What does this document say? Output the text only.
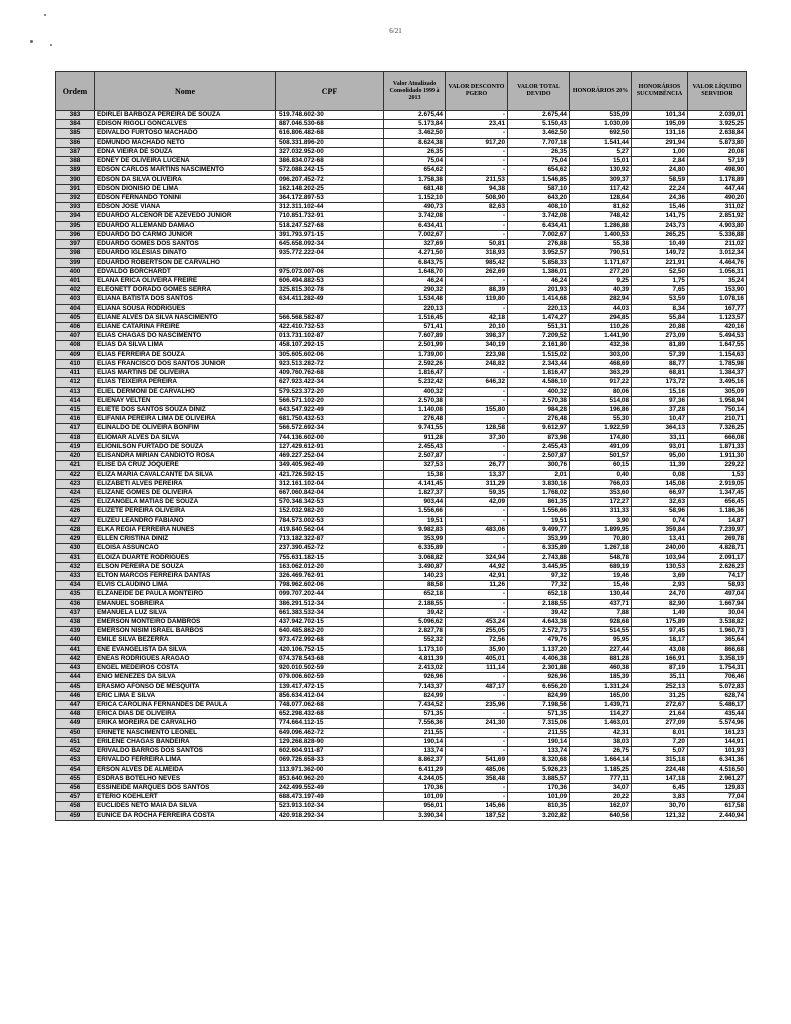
6/21
Ordem	Nome	CPF	Valor Atualizado Consolidado 1999 à 2013	VALOR DESCONTO PGERO	VALOR TOTAL DEVIDO	HONORÁRIOS 20%	HONORÁRIOS SUCUMBÊNCIA	VALOR LÍQUIDO SERVIDOR
383	EDIRLEI BARBOZA PEREIRA DE SOUZA	519.748.602-30	2.675,44	-	2.675,44	535,09	101,34	2.039,01
384	EDISON RIGOLI GONCALVES	887.046.530-68	5.173,84	23,41	5.150,43	1.030,09	195,09	3.925,25
385	EDIVALDO FURTOSO MACHADO	616.806.482-68	3.462,50	-	3.462,50	692,50	131,16	2.638,84
386	EDMUNDO MACHADO NETO	508.331.896-20	8.624,38	917,20	7.707,18	1.541,44	291,94	5.873,80
387	EDNA VIEIRA DE SOUZA	327.032.952-00	26,35	-	26,35	5,27	1,00	20,08
388	EDNEY DE OLIVEIRA LUCENA	386.834.072-68	75,04	-	75,04	15,01	2,84	57,19
389	EDSON CARLOS MARTINS NASCIMENTO	572.088.242-15	654,62	-	654,62	130,92	24,80	498,90
390	EDSON DA SILVA OLIVEIRA	096.207.452-72	1.758,38	211,53	1.546,85	309,37	58,59	1.178,89
391	EDSON DIONISIO DE LIMA	162.148.202-25	681,48	94,38	587,10	117,42	22,24	447,44
392	EDSON FERNANDO TONINI	364.172.897-53	1.152,10	508,90	643,20	128,64	24,36	490,20
393	EDSON JOSE VIANA	312.311.102-44	490,73	82,63	408,10	81,62	15,46	311,02
394	EDUARDO ALCENOR DE AZEVEDO JUNIOR	710.851.732-91	3.742,08	-	3.742,08	748,42	141,75	2.851,92
395	EDUARDO ALLEMAND DAMIAO	518.247.527-68	6.434,41	-	6.434,41	1.286,88	243,73	4.903,80
396	EDUARDO DO CARMO JUNIOR	391.793.971-15	7.002,67	-	7.002,67	1.400,53	265,25	5.336,88
397	EDUARDO GOMES DOS SANTOS	645.658.092-34	327,69	50,81	276,88	55,38	10,49	211,02
398	EDUARDO IGLESIAS DINATO	935.772.222-04	4.271,50	318,93	3.952,57	790,51	149,72	3.012,34
399	EDUARDO ROBERTSON DE CARVALHO		6.843,75	985,42	5.858,33	1.171,67	221,91	4.464,76
400	EDVALDO BORCHARDT	975.073.007-06	1.648,70	262,69	1.386,01	277,20	52,50	1.056,31
401	ELANA ERICA OLIVEIRA FREIRE	606.494.882-53	46,24	-	46,24	9,25	1,75	35,24
402	ELEONETT DORADO GOMES SERRA	325.815.302-78	290,32	88,39	201,93	40,39	7,65	153,90
403	ELIANA BATISTA DOS SANTOS	634.411.282-49	1.534,48	119,80	1.414,68	282,94	53,59	1.078,16
404	ELIANA SOUSA RODRIGUES		220,13	-	220,13	44,03	8,34	167,77
405	ELIANE ALVES DA SILVA NASCIMENTO	566.568.582-87	1.516,45	42,18	1.474,27	294,85	55,84	1.123,57
406	ELIANE CATARINA FREIRE	422.410.732-53	571,41	20,10	551,31	110,26	20,88	420,16
407	ELIAS CHAGAS DO NASCIMENTO	013.731.102-87	7.607,89	398,37	7.209,52	1.441,90	273,09	5.494,53
408	ELIAS DA SILVA LIMA	458.107.292-15	2.501,99	340,19	2.161,80	432,36	81,89	1.647,55
409	ELIAS FERREIRA DE SOUZA	305.605.602-06	1.739,00	223,98	1.515,02	303,00	57,39	1.154,63
410	ELIAS FRANCISCO DOS SANTOS JUNIOR	923.513.282-72	2.592,26	248,82	2.343,44	468,69	88,77	1.785,98
411	ELIAS MARTINS DE OLIVEIRA	409.760.762-68	1.816,47	-	1.816,47	363,29	68,81	1.384,37
412	ELIAS TEIXEIRA PEREIRA	627.923.422-34	5.232,42	646,32	4.586,10	917,22	173,72	3.495,16
413	ELIEL DERMONI DE CARVALHO	579.523.372-20	400,32	-	400,32	80,06	15,16	305,09
414	ELIENAY VELTEN	566.571.102-20	2.570,38	-	2.570,38	514,08	97,36	1.958,94
415	ELIETE DOS SANTOS SOUZA DINIZ	643.547.922-49	1.140,08	155,80	984,28	196,86	37,28	750,14
416	ELIFANIA PEREIRA LIMA DE OLIVEIRA	681.750.432-53	276,48	-	276,48	55,30	10,47	210,71
417	ELINALDO DE OLIVEIRA BONFIM	566.572.692-34	9.741,55	128,58	9.612,97	1.922,59	364,13	7.326,25
418	ELIOMAR ALVES DA SILVA	744.136.602-00	911,28	37,30	873,98	174,80	33,11	666,08
419	ELIONILSON FURTADO DE SOUZA	127.429.612-91	2.455,43	-	2.455,43	491,09	93,01	1.871,33
420	ELISANDRA MIRIAN CANDIOTO ROSA	469.227.252-04	2.507,87	-	2.507,87	501,57	95,00	1.911,30
421	ELISE DA CRUZ JOQUERE	349.405.962-49	327,53	26,77	300,76	60,15	11,39	229,22
422	ELIZA MARIA CAVALCANTE DA SILVA	421.726.592-15	15,38	13,37	2,01	0,40	0,08	1,53
423	ELIZABETI ALVES PEREIRA	312.161.102-04	4.141,45	311,29	3.830,16	766,03	145,08	2.919,05
424	ELIZANE GOMES DE OLIVEIRA	667.060.842-04	1.827,37	59,35	1.768,02	353,60	66,97	1.347,45
425	ELIZANGELA MATIAS DE SOUZA	570.348.342-53	903,44	42,09	861,35	172,27	32,63	656,45
426	ELIZETE PEREIRA OLIVEIRA	152.032.982-20	1.556,66	-	1.556,66	311,33	58,96	1.186,36
427	ELIZEU LEANDRO FABIANO	784.573.002-53	19,51	-	19,51	3,90	0,74	14,87
428	ELKA REGIA FERREIRA NUNES	419.840.562-04	9.982,83	483,06	9.499,77	1.899,95	359,84	7.239,97
429	ELLEN CRISTINA DINIZ	713.182.322-87	353,99	-	353,99	70,80	13,41	269,78
430	ELOISA ASSUNCAO	237.390.452-72	6.335,89	-	6.335,89	1.267,18	240,00	4.828,71
431	ELOIZA DUARTE RODRIGUES	755.631.182-15	3.068,82	324,94	2.743,88	548,78	103,94	2.091,17
432	ELSON PEREIRA DE SOUZA	163.062.012-20	3.490,87	44,92	3.445,95	689,19	130,53	2.626,23
433	ELTON MARCOS FERREIRA DANTAS	326.469.762-91	140,23	42,91	97,32	19,46	3,69	74,17
434	ELVIS CLAUDINO LIMA	798.962.602-06	88,58	11,26	77,32	15,46	2,93	58,93
435	ELZANEIDE DE PAULA MONTEIRO	099.707.202-44	652,18	-	652,18	130,44	24,70	497,04
436	EMANUEL SOBREIRA	386.291.512-34	2.188,55	-	2.188,55	437,71	82,90	1.667,94
437	EMANUELA LUZ SILVA	661.383.532-34	39,42	-	39,42	7,88	1,49	30,04
438	EMERSON MONTEIRO DAMBROS	437.942.702-15	5.096,62	453,24	4.643,38	928,68	175,89	3.538,82
439	EMERSON NISIM ISRAEL BARBOS	640.485.862-20	2.827,78	255,05	2.572,73	514,55	97,45	1.960,73
440	EMILE SILVA BEZERRA	973.472.992-68	552,32	72,56	479,76	95,95	18,17	365,64
441	ENE EVANGELISTA DA SILVA	420.106.752-15	1.173,10	35,90	1.137,20	227,44	43,08	866,68
442	ENEAS RODRIGUES ARAGAO	074.378.543-68	4.811,39	405,01	4.406,38	881,28	166,91	3.358,19
443	ENGEL MEDEIROS COSTA	920.010.502-59	2.413,02	111,14	2.301,88	460,38	87,19	1.754,31
444	ENIO MENEZES DA SILVA	079.006.602-59	926,96	-	926,96	185,39	35,11	706,46
445	ERASMO AFONSO DE MESQUITA	139.417.472-15	7.143,37	487,17	6.656,20	1.331,24	252,13	5.072,83
446	ERIC LIMA E SILVA	856.634.412-04	824,99	-	824,99	165,00	31,25	628,74
447	ERICA CAROLINA FERNANDES DE PAULA	748.077.062-68	7.434,52	235,96	7.198,56	1.439,71	272,67	5.486,17
448	ERICA DIAS DE OLIVEIRA	652.298.432-68	571,35	-	571,35	114,27	21,64	435,44
449	ERIKA MOREIRA DE CARVALHO	774.664.112-15	7.556,36	241,30	7.315,06	1.463,01	277,09	5.574,96
450	ERINETE NASCIMENTO LEONEL	649.096.462-72	211,55	-	211,55	42,31	8,01	161,23
451	ERILENE CHAGAS BANDEIRA	129.268.828-90	190,14	-	190,14	38,03	7,20	144,91
452	ERIVALDO BARROS DOS SANTOS	602.604.911-87	133,74	-	133,74	26,75	5,07	101,93
453	ERIVALDO FERREIRA LIMA	069.726.658-33	8.862,37	541,69	8.320,68	1.664,14	315,18	6.341,36
454	ERSON ALVES DE ALMEIDA	113.971.362-00	6.411,29	485,06	5.926,23	1.185,25	224,48	4.516,50
455	ESDRAS BOTELHO NEVES	853.640.962-20	4.244,05	358,48	3.885,57	777,11	147,18	2.961,27
456	ESSINEIDE MARQUES DOS SANTOS	242.499.552-49	170,36	-	170,36	34,07	6,45	129,83
457	ETERIO KOEHLERT	688.473.197-49	101,09	-	101,09	20,22	3,83	77,04
458	EUCLIDES NETO MAIA DA SILVA	523.913.102-34	956,01	145,66	810,35	162,07	30,70	617,58
459	EUNICE DA ROCHA FERREIRA COSTA	420.918.292-34	3.390,34	187,52	3.202,82	640,56	121,32	2.440,94
